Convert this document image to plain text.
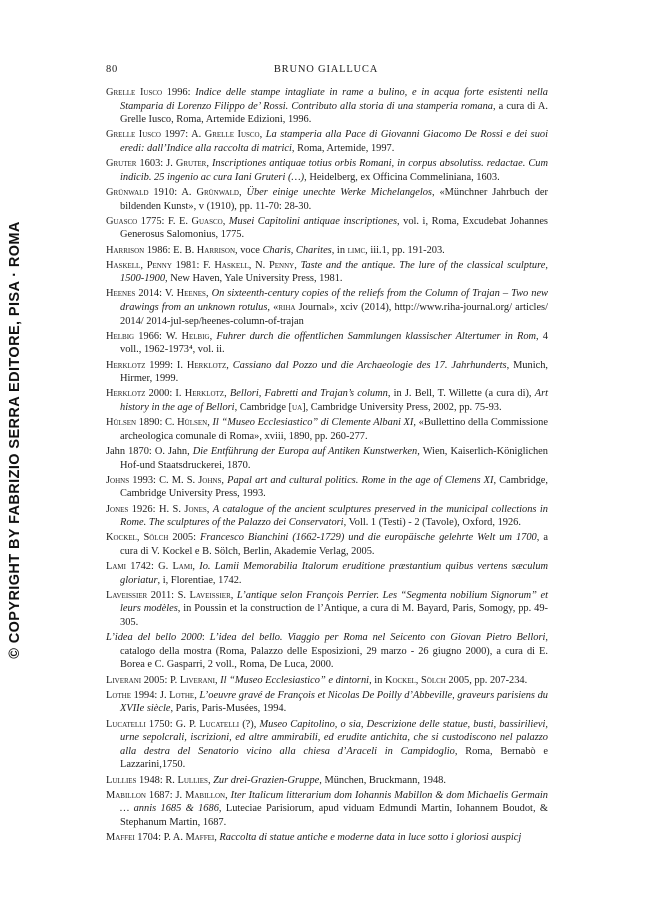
© COPYRIGHT BY FABRIZIO SERRA EDITORE, PISA · ROMA
80	BRUNO GIALLUCA

Grelle Iusco 1996: Indice delle stampe intagliate in rame a bulino, e in acqua forte esistenti nella Stamparia di Lorenzo Filippo de’ Rossi. Contributo alla storia di una stamperia romana, a cura di A. Grelle Iusco, Roma, Artemide Edizioni, 1996.

Grelle Iusco 1997: A. Grelle Iusco, La stamperia alla Pace di Giovanni Giacomo De Rossi e dei suoi eredi: dall’Indice alla raccolta di matrici, Roma, Artemide, 1997.

Gruter 1603: J. Gruter, Inscriptiones antiquae totius orbis Romani, in corpus absolutiss. redactae. Cum indicib. 25 ingenio ac cura Iani Gruteri (…), Heidelberg, ex Officina Commeliniana, 1603.

Grünwald 1910: A. Grünwald, Über einige unechte Werke Michelangelos, «Münchner Jahrbuch der bildenden Kunst», v (1910), pp. 11-70: 28-30.

Guasco 1775: F. E. Guasco, Musei Capitolini antiquae inscriptiones, vol. i, Roma, Excudebat Johannes Generosus Salomonius, 1775.

Harrison 1986: E. B. Harrison, voce Charis, Charites, in limc, iii.1, pp. 191-203.

Haskell, Penny 1981: F. Haskell, N. Penny, Taste and the antique. The lure of the classical sculpture, 1500-1900, New Haven, Yale University Press, 1981.

Heenes 2014: V. Heenes, On sixteenth-century copies of the reliefs from the Column of Trajan – Two new drawings from an unknown rotulus, «riha Journal», xciv (2014), http://www.riha-journal.org/ articles/ 2014/ 2014-jul-sep/heenes-column-of-trajan

Helbig 1966: W. Helbig, Fuhrer durch die offentlichen Sammlungen klassischer Altertumer in Rom, 4 voll., 1962-1973⁴, vol. ii.

Herklotz 1999: I. Herklotz, Cassiano dal Pozzo und die Archaeologie des 17. Jahrhunderts, Munich, Hirmer, 1999.

Herklotz 2000: I. Herklotz, Bellori, Fabretti and Trajan’s column, in J. Bell, T. Willette (a cura di), Art history in the age of Bellori, Cambridge [ua], Cambridge University Press, 2002, pp. 75-93.

Hülsen 1890: C. Hülsen, Il “Museo Ecclesiastico” di Clemente Albani XI, «Bullettino della Commissione archeologica comunale di Roma», xviii, 1890, pp. 260-277.

Jahn 1870: O. Jahn, Die Entführung der Europa auf Antiken Kunstwerken, Wien, Kaiserlich-Königlichen Hof-und Staatsdruckerei, 1870.

Johns 1993: C. M. S. Johns, Papal art and cultural politics. Rome in the age of Clemens XI, Cambridge, Cambridge University Press, 1993.

Jones 1926: H. S. Jones, A catalogue of the ancient sculptures preserved in the municipal collections in Rome. The sculptures of the Palazzo dei Conservatori, Voll. 1 (Testi) - 2 (Tavole), Oxford, 1926.

Kockel, Sölch 2005: Francesco Bianchini (1662-1729) und die europäische gelehrte Welt um 1700, a cura di V. Kockel e B. Sölch, Berlin, Akademie Verlag, 2005.

Lami 1742: G. Lami, Io. Lamii Memorabilia Italorum eruditione præstantium quibus vertens sæculum gloriatur, i, Florentiae, 1742.

Laveissier 2011: S. Laveissier, L’antique selon François Perrier. Les “Segmenta nobilium Signorum” et leurs modèles, in Poussin et la construction de l’Antique, a cura di M. Bayard, Paris, Somogy, pp. 49-305.

L’idea del bello 2000: L’idea del bello. Viaggio per Roma nel Seicento con Giovan Pietro Bellori, catalogo della mostra (Roma, Palazzo delle Esposizioni, 29 marzo - 26 giugno 2000), a cura di E. Borea e C. Gasparri, 2 voll., Roma, De Luca, 2000.

Liverani 2005: P. Liverani, Il “Museo Ecclesiastico” e dintorni, in Kockel, Sölch 2005, pp. 207-234.

Lothe 1994: J. Lothe, L’oeuvre gravé de François et Nicolas De Poilly d’Abbeville, graveurs parisiens du XVIIe siècle, Paris, Paris-Musées, 1994.

Lucatelli 1750: G. P. Lucatelli (?), Museo Capitolino, o sia, Descrizione delle statue, busti, bassirilievi, urne sepolcrali, iscrizioni, ed altre ammirabili, ed erudite antichita, che si custodiscono nel palazzo alla destra del Senatorio vicino alla chiesa d’Araceli in Campidoglio, Roma, Bernabò e Lazzarini,1750.

Lullies 1948: R. Lullies, Zur drei-Grazien-Gruppe, München, Bruckmann, 1948.

Mabillon 1687: J. Mabillon, Iter Italicum litterarium dom Iohannis Mabillon & dom Michaelis Germain … annis 1685 & 1686, Luteciae Parisiorum, apud viduam Edmundi Martin, Iohannem Boudot, & Stephanum Martin, 1687.

Maffei 1704: P. A. Maffei, Raccolta di statue antiche e moderne data in luce sotto i gloriosi auspicj
